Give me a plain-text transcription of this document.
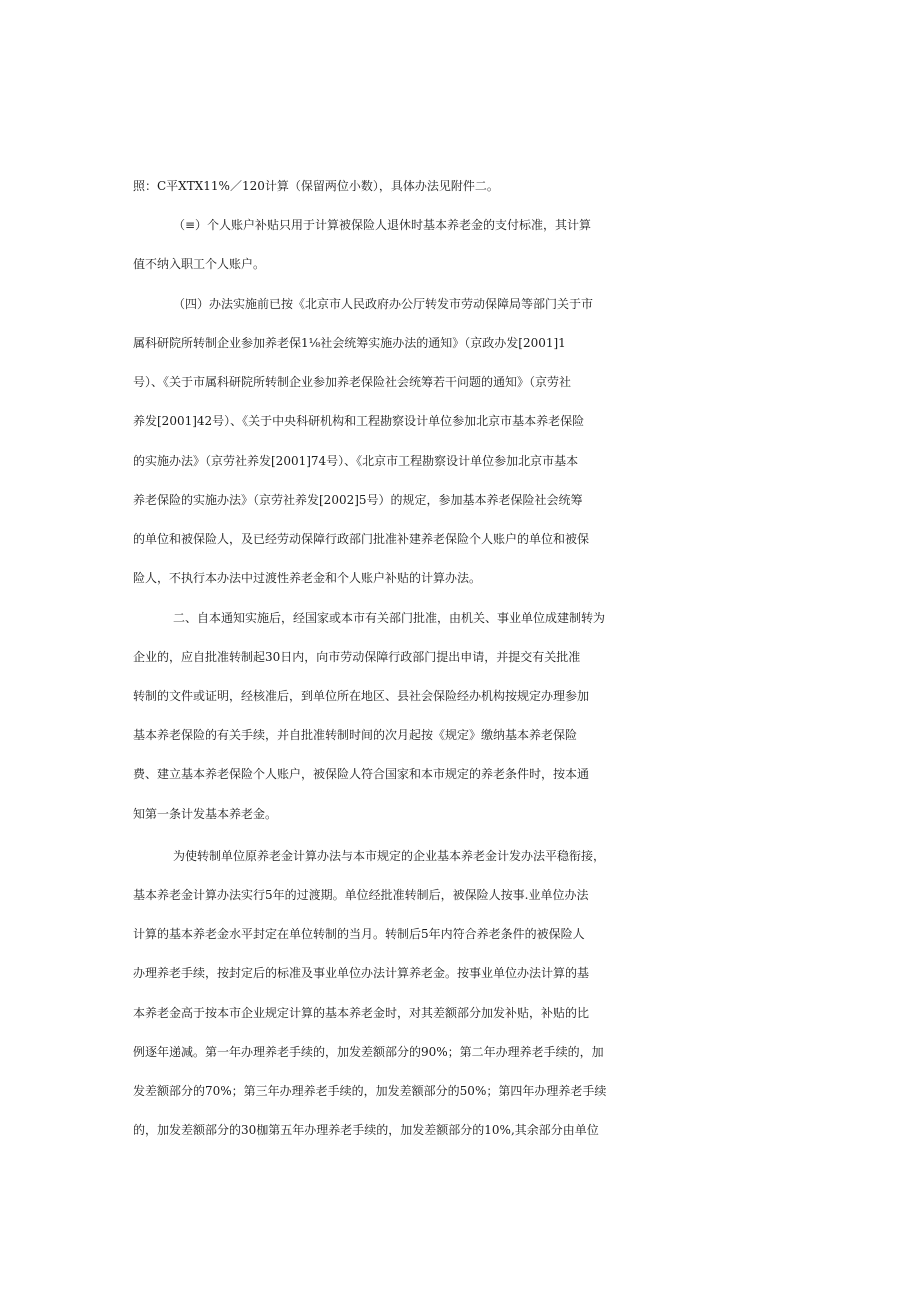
照：C平XTX11%／120计算（保留两位小数），具体办法见附件二。

（≡）个人账户补贴只用于计算被保险人退休时基本养老金的支付标准，其计算

值不纳入职工个人账户。

（四）办法实施前已按《北京市人民政府办公厅转发市劳动保障局等部门关于市

属科研院所转制企业参加养老保1⅛社会统筹实施办法的通知》（京政办发[2001]1

号）、《关于市属科研院所转制企业参加养老保险社会统筹若干问题的通知》（京劳社

养发[2001]42号）、《关于中央科研机构和工程勘察设计单位参加北京市基本养老保险

的实施办法》（京劳社养发[2001]74号）、《北京市工程勘察设计单位参加北京市基本

养老保险的实施办法》（京劳社养发[2002]5号）的规定，参加基本养老保险社会统筹

的单位和被保险人，及已经劳动保障行政部门批准补建养老保险个人账户的单位和被保

险人，不执行本办法中过渡性养老金和个人账户补贴的计算办法。

二、自本通知实施后，经国家或本市有关部门批准，由机关、事业单位成建制转为

企业的，应自批准转制起30日内，向市劳动保障行政部门提出申请，并提交有关批准

转制的文件或证明，经核准后，到单位所在地区、县社会保险经办机构按规定办理参加

基本养老保险的有关手续，并自批准转制时间的次月起按《规定》缴纳基本养老保险

费、建立基本养老保险个人账户，被保险人符合国家和本市规定的养老条件时，按本通

知第一条计发基本养老金。

为使转制单位原养老金计算办法与本市规定的企业基本养老金计发办法平稳衔接，

基本养老金计算办法实行5年的过渡期。单位经批准转制后，被保险人按事.业单位办法

计算的基本养老金水平封定在单位转制的当月。转制后5年内符合养老条件的被保险人

办理养老手续，按封定后的标准及事业单位办法计算养老金。按事业单位办法计算的基

本养老金高于按本市企业规定计算的基本养老金时，对其差额部分加发补贴，补贴的比

例逐年递减。第一年办理养老手续的，加发差额部分的90%；第二年办理养老手续的，加

发差额部分的70%；第三年办理养老手续的，加发差额部分的50%；第四年办理养老手续

的，加发差额部分的30枷第五年办理养老手续的，加发差额部分的10%,其余部分由单位
